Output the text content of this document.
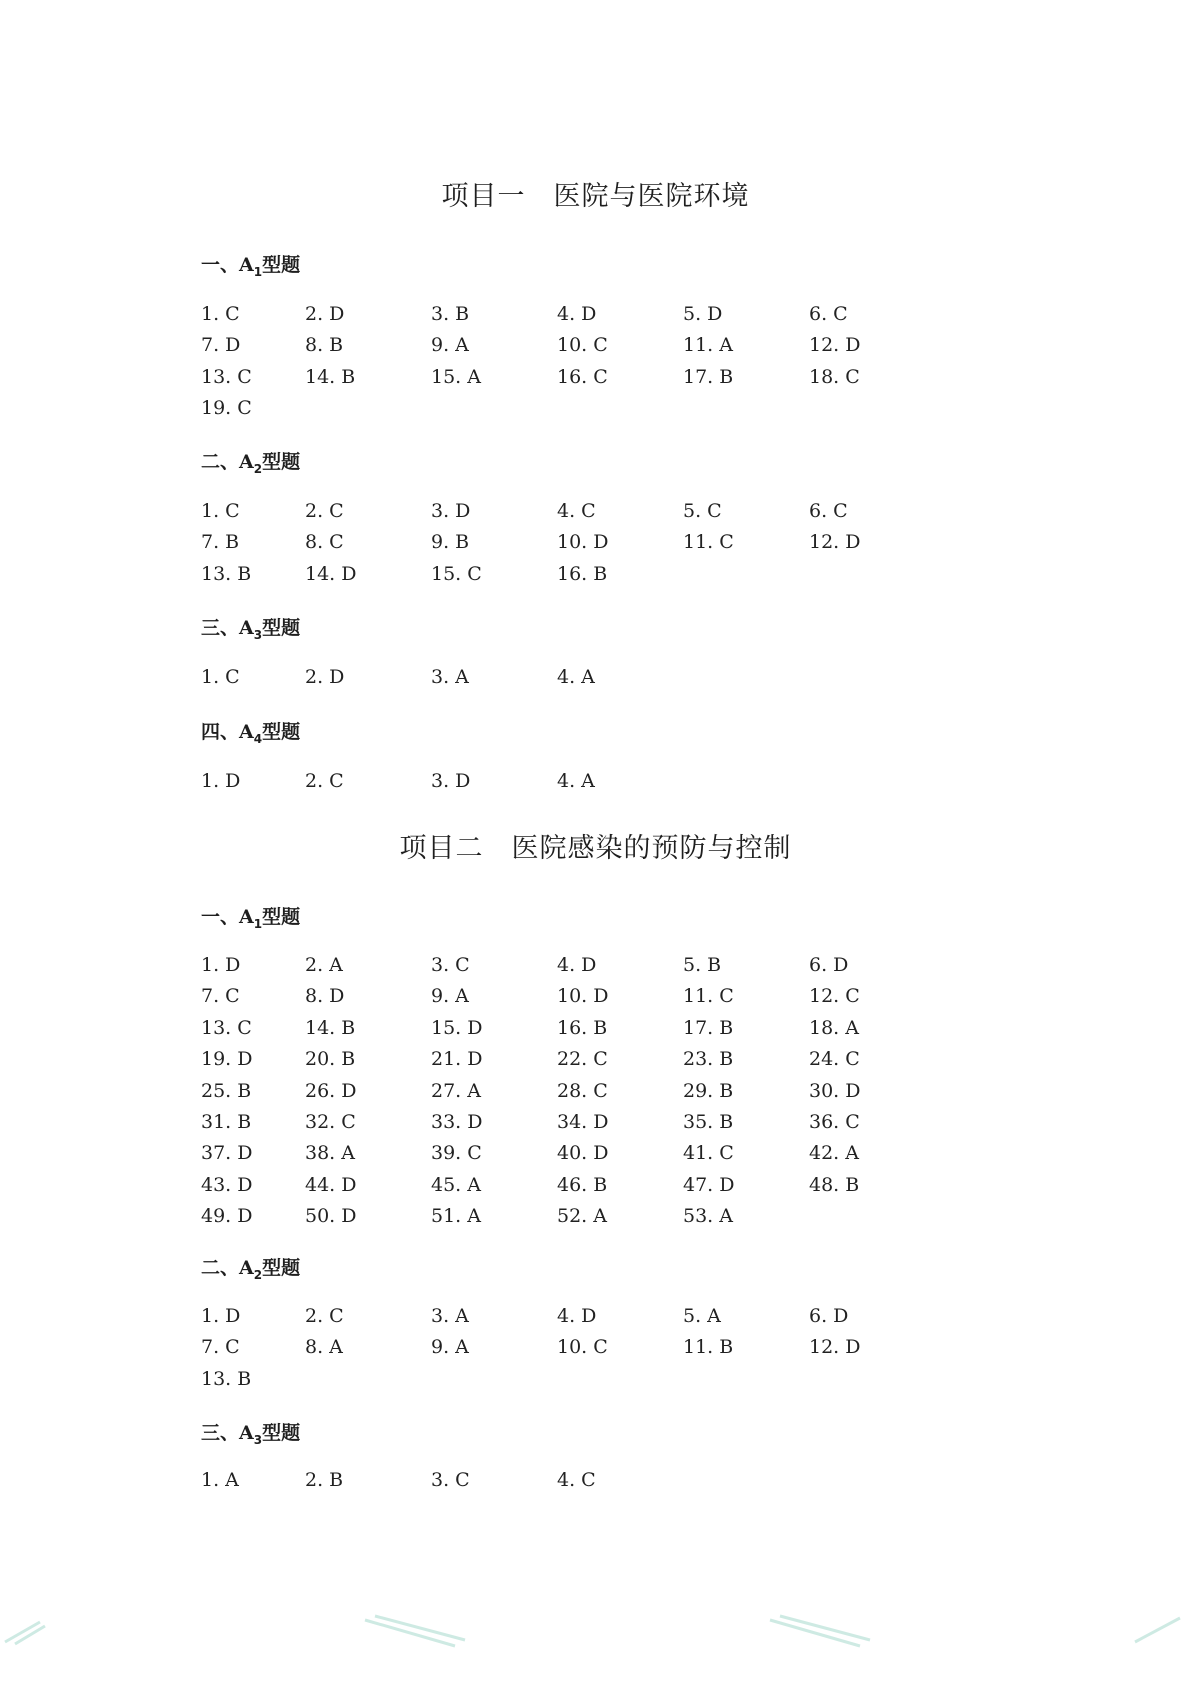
项目一　医院与医院环境
一、$A_1$型题
1. C	2. D	3. B	4. D	5. D	6. C
7. D	8. B	9. A	10. C	11. A	12. D
13. C	14. B	15. A	16. C	17. B	18. C
19. C
二、$A_2$型题
1. C	2. C	3. D	4. C	5. C	6. C
7. B	8. C	9. B	10. D	11. C	12. D
13. B	14. D	15. C	16. B
三、$A_3$型题
1. C	2. D	3. A	4. A
四、$A_4$型题
1. D	2. C	3. D	4. A
项目二　医院感染的预防与控制
一、$A_1$型题
1. D	2. A	3. C	4. D	5. B	6. D
7. C	8. D	9. A	10. D	11. C	12. C
13. C	14. B	15. D	16. B	17. B	18. A
19. D	20. B	21. D	22. C	23. B	24. C
25. B	26. D	27. A	28. C	29. B	30. D
31. B	32. C	33. D	34. D	35. B	36. C
37. D	38. A	39. C	40. D	41. C	42. A
43. D	44. D	45. A	46. B	47. D	48. B
49. D	50. D	51. A	52. A	53. A
二、$A_2$型题
1. D	2. C	3. A	4. D	5. A	6. D
7. C	8. A	9. A	10. C	11. B	12. D
13. B
三、$A_3$型题
1. A	2. B	3. C	4. C
